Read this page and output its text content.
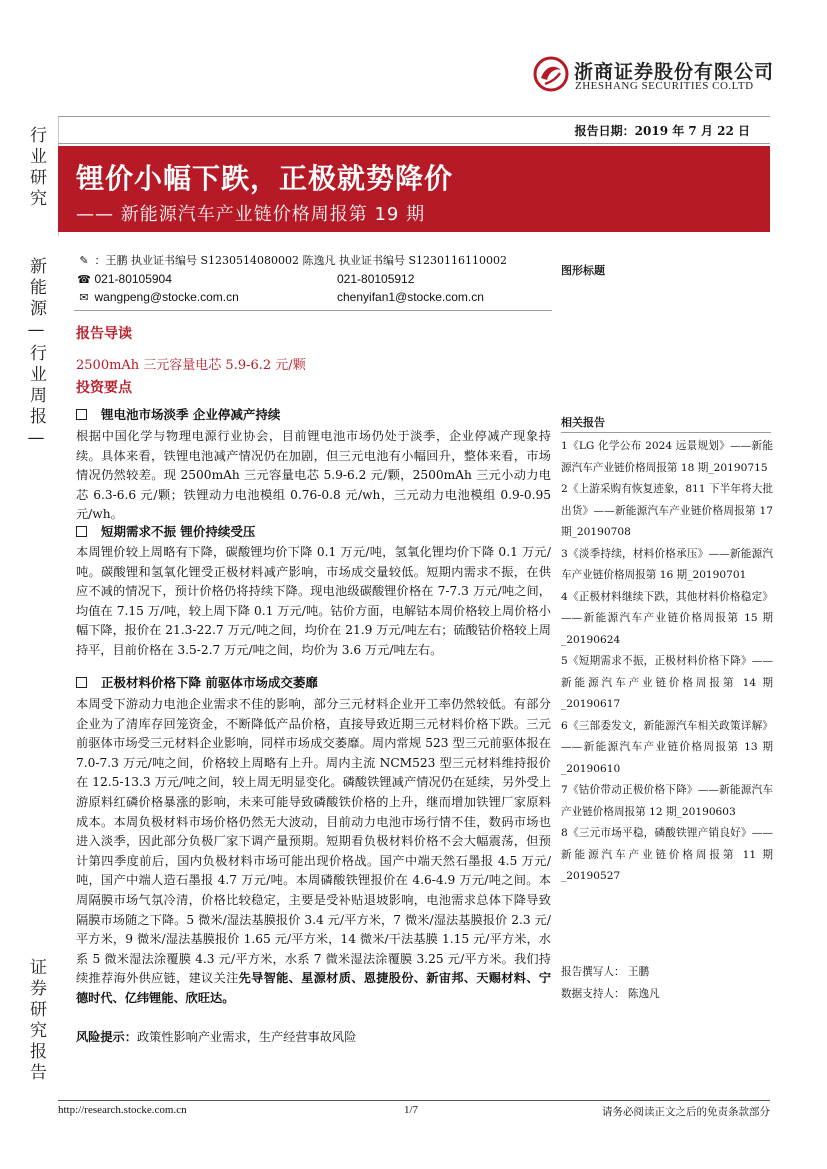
浙商证券股份有限公司
ZHESHANG SECURITIES CO.LTD
行业研究	报告日期：2019 年 7 月 22 日
锂价小幅下跌，正极就势降价
—— 新能源汽车产业链价格周报第 19 期
新能源—行业周报—
证券研究报告
✎ ：王鹏 执业证书编号 S1230514080002 陈逸凡 执业证书编号 S1230116110002
☎ 021-80105904	021-80105912
✉ wangpeng@stocke.com.cn	chenyifan1@stocke.com.cn
报告导读
2500mAh 三元容量电芯 5.9-6.2 元/颗
投资要点
锂电池市场淡季 企业停减产持续
根据中国化学与物理电源行业协会，目前锂电池市场仍处于淡季，企业停减产现象持续。具体来看，铁锂电池减产情况仍在加剧，但三元电池有小幅回升，整体来看，市场情况仍然较差。现 2500mAh 三元容量电芯 5.9-6.2 元/颗，2500mAh 三元小动力电芯 6.3-6.6 元/颗；铁锂动力电池模组 0.76-0.8 元/wh，三元动力电池模组 0.9-0.95 元/wh。
短期需求不振 锂价持续受压
本周锂价较上周略有下降，碳酸锂均价下降 0.1 万元/吨，氢氧化锂均价下降 0.1 万元/吨。碳酸锂和氢氧化锂受正极材料减产影响，市场成交量较低。短期内需求不振，在供应不减的情况下，预计价格仍将持续下降。现电池级碳酸锂价格在 7-7.3 万元/吨之间，均值在 7.15 万/吨，较上周下降 0.1 万元/吨。钴价方面，电解钴本周价格较上周价格小幅下降，报价在 21.3-22.7 万元/吨之间，均价在 21.9 万元/吨左右；硫酸钴价格较上周持平，目前价格在 3.5-2.7 万元/吨之间，均价为 3.6 万元/吨左右。
正极材料价格下降 前驱体市场成交萎靡
本周受下游动力电池企业需求不佳的影响，部分三元材料企业开工率仍然较低。有部分企业为了清库存回笼资金，不断降低产品价格，直接导致近期三元材料价格下跌。三元前驱体市场受三元材料企业影响，同样市场成交萎靡。周内常规 523 型三元前驱体报在 7.0-7.3 万元/吨之间，价格较上周略有上升。周内主流 NCM523 型三元材料维持报价在 12.5-13.3 万元/吨之间，较上周无明显变化。磷酸铁锂减产情况仍在延续，另外受上游原料红磷价格暴涨的影响，未来可能导致磷酸铁价格的上升，继而增加铁锂厂家原料成本。本周负极材料市场价格仍然无大波动，目前动力电池市场行情不佳，数码市场也进入淡季，因此部分负极厂家下调产量预期。短期看负极材料价格不会大幅震荡，但预计第四季度前后，国内负极材料市场可能出现价格战。国产中端天然石墨报 4.5 万元/吨，国产中端人造石墨报 4.7 万元/吨。本周磷酸铁锂报价在 4.6-4.9 万元/吨之间。本周隔膜市场气氛冷清，价格比较稳定，主要是受补贴退坡影响，电池需求总体下降导致隔膜市场随之下降。5 微米/湿法基膜报价 3.4 元/平方米，7 微米/湿法基膜报价 2.3 元/平方米，9 微米/湿法基膜报价 1.65 元/平方米，14 微米/干法基膜 1.15 元/平方米，水系 5 微米湿法涂覆膜 4.3 元/平方米，水系 7 微米湿法涂覆膜 3.25 元/平方米。我们持续推荐海外供应链，建议关注先导智能、星源材质、恩捷股份、新宙邦、天赐材料、宁德时代、亿纬锂能、欣旺达。
风险提示：政策性影响产业需求，生产经营事故风险
图形标题
相关报告

1《LG 化学公布 2024 远景规划》——新能源汽车产业链价格周报第 18 期_20190715

2《上游采购有恢复迹象，811 下半年将大批出货》——新能源汽车产业链价格周报第 17 期_20190708

3《淡季持续，材料价格承压》——新能源汽车产业链价格周报第 16 期_20190701

4《正极材料继续下跌，其他材料价格稳定》——新能源汽车产业链价格周报第 15 期_20190624

5《短期需求不振，正极材料价格下降》——新能源汽车产业链价格周报第 14 期_20190617

6《三部委发文，新能源汽车相关政策详解》——新能源汽车产业链价格周报第 13 期_20190610

7《钴价带动正极价格下降》——新能源汽车产业链价格周报第 12 期_20190603

8《三元市场平稳，磷酸铁锂产销良好》——新能源汽车产业链价格周报第 11 期_20190527

报告撰写人： 王鹏
数据支持人： 陈逸凡
http://research.stocke.com.cn	1/7	请务必阅读正文之后的免责条款部分
